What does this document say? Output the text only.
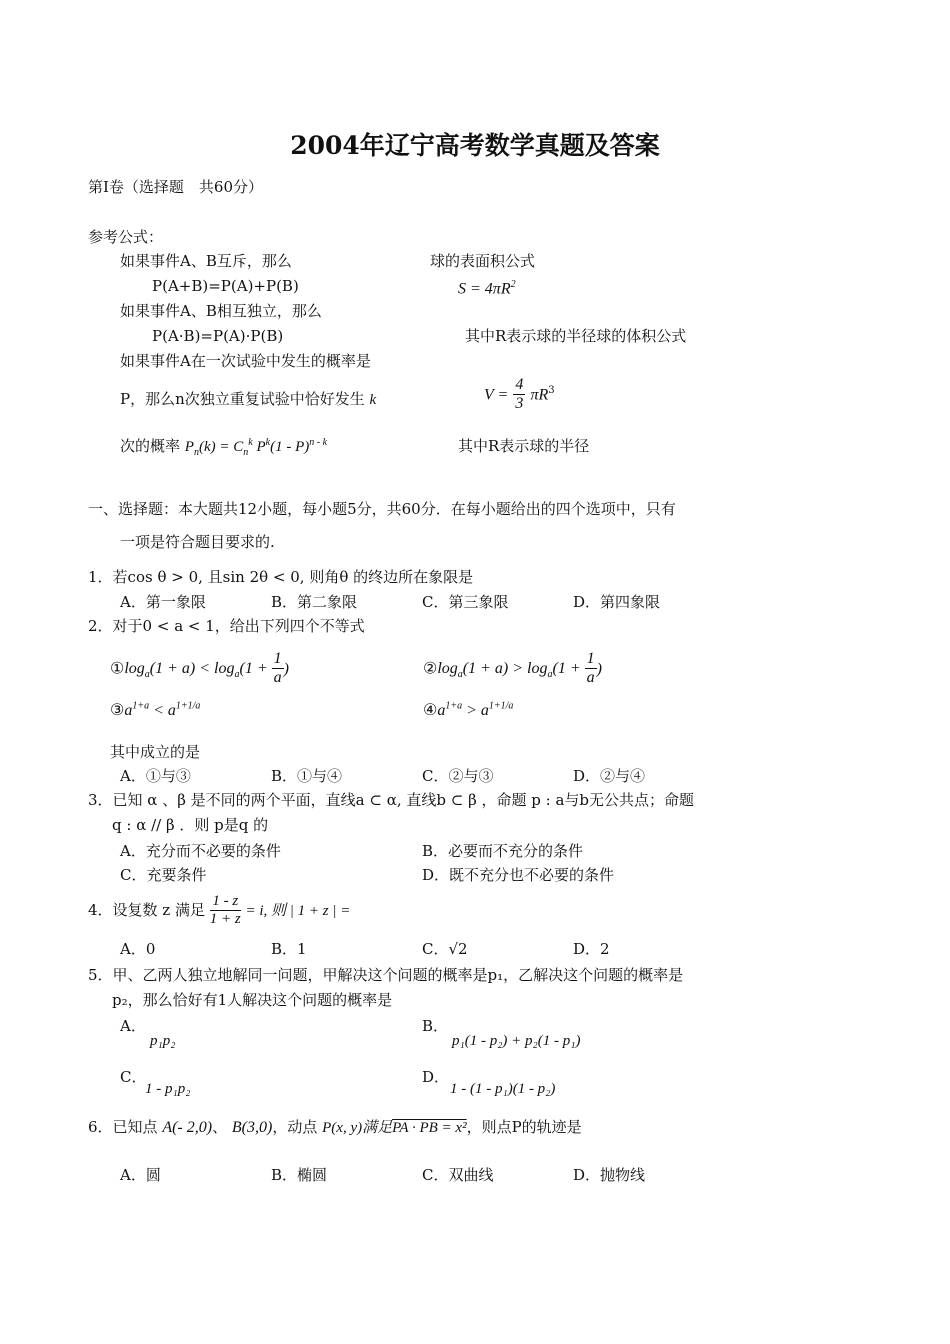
2004年辽宁高考数学真题及答案
第Ⅰ卷（选择题　共60分）
参考公式：
如果事件A、B互斥，那么
P(A+B)=P(A)+P(B)
如果事件A、B相互独立，那么
P(A·B)=P(A)·P(B)
如果事件A在一次试验中发生的概率是
P，那么n次独立重复试验中恰好发生 k
次的概率 $P_n(k) = C_n^k$ $P^k(1 - P)^{n - k}$
球的表面积公式
$S = 4\pi R^2$
其中R表示球的半径球的体积公式
$V = \frac{4}{3} \pi R^3$
其中R表示球的半径
一、选择题：本大题共12小题，每小题5分，共60分．在每小题给出的四个选项中，只有
一项是符合题目要求的.
1．若cos θ > 0, 且sin 2θ < 0, 则角θ 的终边所在象限是
A．第一象限	B．第二象限	C．第三象限	D．第四象限
2．对于0 < a < 1，给出下列四个不等式
$①\log_a(1 + a) < \log_a(1 + \frac{1}{a}$ )	$②\log_a(1 + a) > \log_a(1 + \frac{1}{a}$ )
$③a^{1+a} < a^{1+1/a}$	$④a^{1+a} > a^{1+1/a}$
其中成立的是
A．①与③	B．①与④	C．②与③	D．②与④
3．已知 α 、β 是不同的两个平面，直线a ⊂ α, 直线b ⊂ β ，命题 p : a与b无公共点；命题
q : α // β ．则 p是q 的
A．充分而不必要的条件	B．必要而不充分的条件
C．充要条件	D．既不充分也不必要的条件
4．设复数 z 满足 $\frac{1 - z}{1 + z} = i$, 则 | 1 + z | =
A．0	B．1	C．√2	D．2
5．甲、乙两人独立地解同一问题，甲解决这个问题的概率是p₁，乙解决这个问题的概率是
p₂，那么恰好有1人解决这个问题的概率是
A．
p₁p₂
B．
p₁(1 - p₂) + p₂(1 - p₁)
C．
1 - p₁p₂
D．
1 - (1 - p₁)(1 - p₂)
6．已知点 A(- 2,0)、 B(3,0)，动点 P(x, y)满足PA · PB = x²，则点P的轨迹是
A．圆	B．椭圆	C．双曲线	D．抛物线
